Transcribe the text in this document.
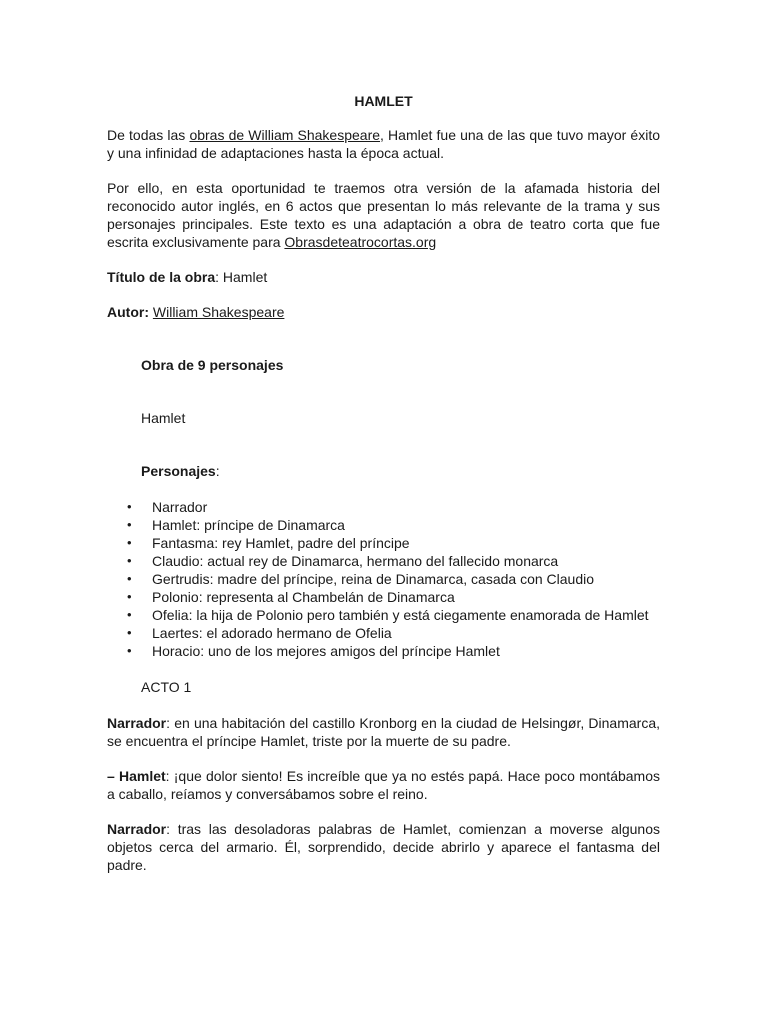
HAMLET

De todas las obras de William Shakespeare, Hamlet fue una de las que tuvo mayor éxito y una infinidad de adaptaciones hasta la época actual.

Por ello, en esta oportunidad te traemos otra versión de la afamada historia del reconocido autor inglés, en 6 actos que presentan lo más relevante de la trama y sus personajes principales. Este texto es una adaptación a obra de teatro corta que fue escrita exclusivamente para Obrasdeteatrocortas.org

Título de la obra: Hamlet

Autor: William Shakespeare

Obra de 9 personajes

Hamlet

Personajes:

• Narrador
• Hamlet: príncipe de Dinamarca
• Fantasma: rey Hamlet, padre del príncipe
• Claudio: actual rey de Dinamarca, hermano del fallecido monarca
• Gertrudis: madre del príncipe, reina de Dinamarca, casada con Claudio
• Polonio: representa al Chambelán de Dinamarca
• Ofelia: la hija de Polonio pero también y está ciegamente enamorada de Hamlet
• Laertes: el adorado hermano de Ofelia
• Horacio: uno de los mejores amigos del príncipe Hamlet

ACTO 1

Narrador: en una habitación del castillo Kronborg en la ciudad de Helsingør, Dinamarca, se encuentra el príncipe Hamlet, triste por la muerte de su padre.

– Hamlet: ¡que dolor siento! Es increíble que ya no estés papá. Hace poco montábamos a caballo, reíamos y conversábamos sobre el reino.

Narrador: tras las desoladoras palabras de Hamlet, comienzan a moverse algunos objetos cerca del armario. Él, sorprendido, decide abrirlo y aparece el fantasma del padre.
